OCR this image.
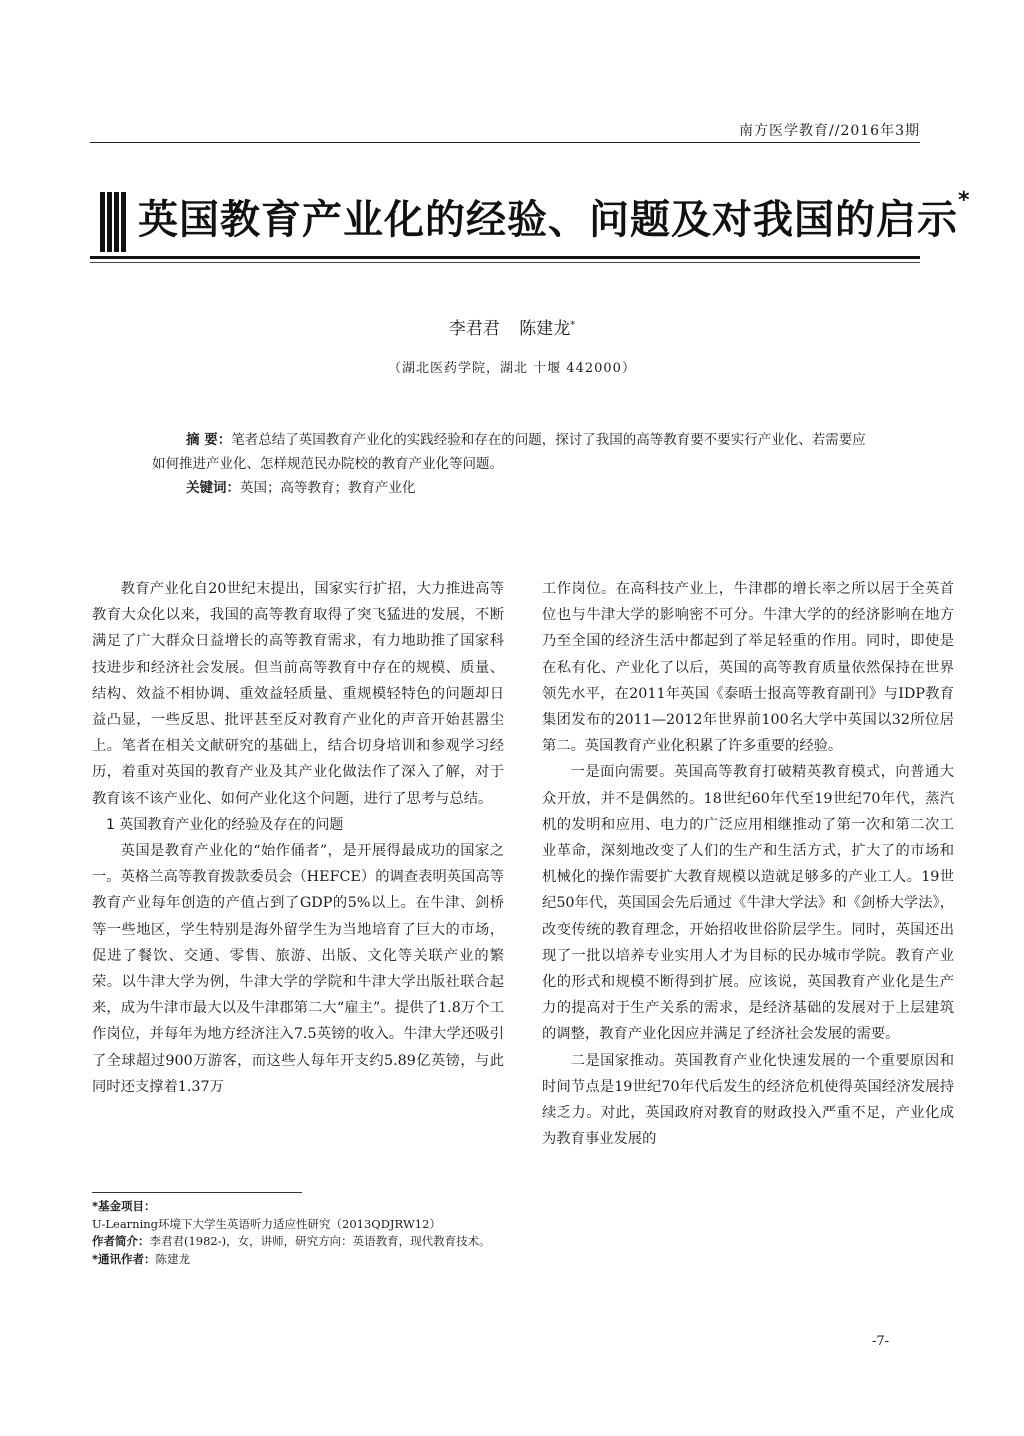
南方医学教育//2016年3期
英国教育产业化的经验、问题及对我国的启示*
李君君 陈建龙*
（湖北医药学院，湖北 十堰 442000）

摘 要：笔者总结了英国教育产业化的实践经验和存在的问题，探讨了我国的高等教育要不要实行产业化、若需要应如何推进产业化、怎样规范民办院校的教育产业化等问题。

关键词：英国；高等教育；教育产业化

教育产业化自20世纪末提出，国家实行扩招，大力推进高等教育大众化以来，我国的高等教育取得了突飞猛进的发展，不断满足了广大群众日益增长的高等教育需求，有力地助推了国家科技进步和经济社会发展。但当前高等教育中存在的规模、质量、结构、效益不相协调、重效益轻质量、重规模轻特色的问题却日益凸显，一些反思、批评甚至反对教育产业化的声音开始甚嚣尘上。笔者在相关文献研究的基础上，结合切身培训和参观学习经历，着重对英国的教育产业及其产业化做法作了深入了解，对于教育该不该产业化、如何产业化这个问题，进行了思考与总结。

1 英国教育产业化的经验及存在的问题

英国是教育产业化的“始作俑者”，是开展得最成功的国家之一。英格兰高等教育拨款委员会（HEFCE）的调查表明英国高等教育产业每年创造的产值占到了GDP的5%以上。在牛津、剑桥等一些地区，学生特别是海外留学生为当地培育了巨大的市场，促进了餐饮、交通、零售、旅游、出版、文化等关联产业的繁荣。以牛津大学为例，牛津大学的学院和牛津大学出版社联合起来，成为牛津市最大以及牛津郡第二大“雇主”。提供了1.8万个工作岗位，并每年为地方经济注入7.5英镑的收入。牛津大学还吸引了全球超过900万游客，而这些人每年开支约5.89亿英镑，与此同时还支撑着1.37万

工作岗位。在高科技产业上，牛津郡的增长率之所以居于全英首位也与牛津大学的影响密不可分。牛津大学的的经济影响在地方乃至全国的经济生活中都起到了举足轻重的作用。同时，即使是在私有化、产业化了以后，英国的高等教育质量依然保持在世界领先水平，在2011年英国《泰晤士报高等教育副刊》与IDP教育集团发布的2011—2012年世界前100名大学中英国以32所位居第二。英国教育产业化积累了许多重要的经验。

一是面向需要。英国高等教育打破精英教育模式，向普通大众开放，并不是偶然的。18世纪60年代至19世纪70年代，蒸汽机的发明和应用、电力的广泛应用相继推动了第一次和第二次工业革命，深刻地改变了人们的生产和生活方式，扩大了的市场和机械化的操作需要扩大教育规模以造就足够多的产业工人。19世纪50年代，英国国会先后通过《牛津大学法》和《剑桥大学法》，改变传统的教育理念，开始招收世俗阶层学生。同时，英国还出现了一批以培养专业实用人才为目标的民办城市学院。教育产业化的形式和规模不断得到扩展。应该说，英国教育产业化是生产力的提高对于生产关系的需求，是经济基础的发展对于上层建筑的调整，教育产业化因应并满足了经济社会发展的需要。

二是国家推动。英国教育产业化快速发展的一个重要原因和时间节点是19世纪70年代后发生的经济危机使得英国经济发展持续乏力。对此，英国政府对教育的财政投入严重不足，产业化成为教育事业发展的

*基金项目：U-Learning环境下大学生英语听力适应性研究（2013QDJRW12）

作者简介：李君君(1982-)，女，讲师，研究方向：英语教育，现代教育技术。

*通讯作者：陈建龙

-7-
